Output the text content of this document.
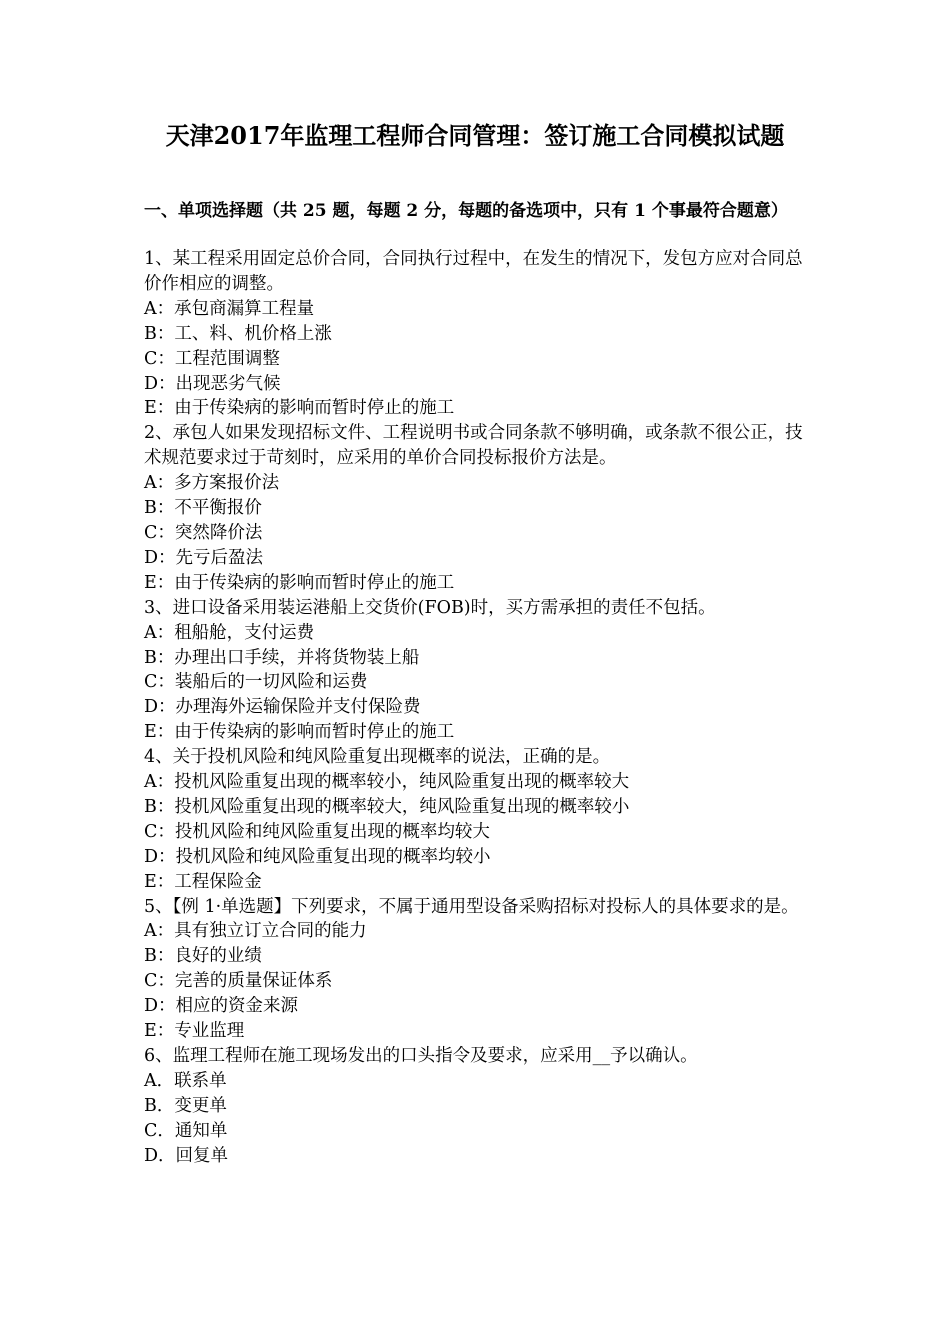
天津2017年监理工程师合同管理：签订施工合同模拟试题

一、单项选择题（共 25 题，每题 2 分，每题的备选项中，只有 1 个事最符合题意）

1、某工程采用固定总价合同，合同执行过程中，在发生的情况下，发包方应对合同总价作相应的调整。

A：承包商漏算工程量

B：工、料、机价格上涨

C：工程范围调整

D：出现恶劣气候

E：由于传染病的影响而暂时停止的施工

2、承包人如果发现招标文件、工程说明书或合同条款不够明确，或条款不很公正，技术规范要求过于苛刻时，应采用的单价合同投标报价方法是。

A：多方案报价法

B：不平衡报价

C：突然降价法

D：先亏后盈法

E：由于传染病的影响而暂时停止的施工

3、进口设备采用装运港船上交货价(FOB)时，买方需承担的责任不包括。

A：租船舱，支付运费

B：办理出口手续，并将货物装上船

C：装船后的一切风险和运费

D：办理海外运输保险并支付保险费

E：由于传染病的影响而暂时停止的施工

4、关于投机风险和纯风险重复出现概率的说法，正确的是。

A：投机风险重复出现的概率较小，纯风险重复出现的概率较大

B：投机风险重复出现的概率较大，纯风险重复出现的概率较小

C：投机风险和纯风险重复出现的概率均较大

D：投机风险和纯风险重复出现的概率均较小

E：工程保险金

5、【例 1·单选题】下列要求，不属于通用型设备采购招标对投标人的具体要求的是。

A：具有独立订立合同的能力

B：良好的业绩

C：完善的质量保证体系

D：相应的资金来源

E：专业监理

6、监理工程师在施工现场发出的口头指令及要求，应采用__予以确认。

A．联系单

B．变更单

C．通知单

D．回复单
